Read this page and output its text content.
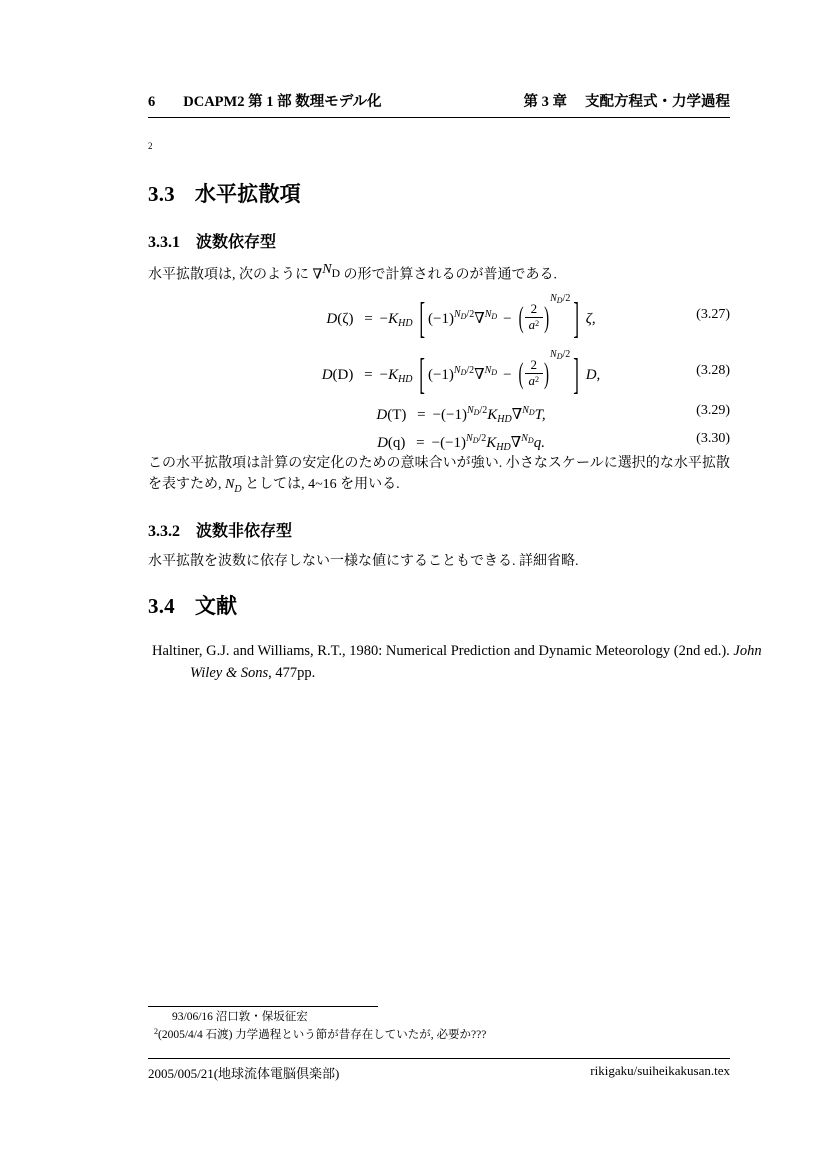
6 DCAPM2 第 1 部 数理モデル化	第 3 章 支配方程式・力学過程
2
3.3 水平拡散項
3.3.1 波数依存型
水平拡散項は, 次のように ∇$^{N_D}$ の形で計算されるのが普通である.
$D(\zeta) = -K_{HD}$ [ $(-1)^{N_D/2}\nabla^{N_D}$ − ( $\frac{2}{a^2} )^{N_D/2}$ ] ζ,	(3.27)
$D(D) = -K_{HD}$ [ $(-1)^{N_D/2}\nabla^{N_D}$ − ( $\frac{2}{a^2} )^{N_D/2}$ ] D,	(3.28)
$D(T) = -(-1)^{N_D/2}K_{HD}\nabla^{N_D}T$,	(3.29)
$D(q) = -(-1)^{N_D/2}K_{HD}\nabla^{N_D}q$.	(3.30)
この水平拡散項は計算の安定化のための意味合いが強い. 小さなスケールに選択的な水平拡散を表すため, $N_D$ としては, 4~16 を用いる.
3.3.2 波数非依存型
水平拡散を波数に依存しない一様な値にすることもできる. 詳細省略.
3.4 文献
Haltiner, G.J. and Williams, R.T., 1980: Numerical Prediction and Dynamic Meteorology (2nd ed.). John Wiley & Sons, 477pp.
93/06/16 沼口敦・保坂征宏
$^2$(2005/4/4 石渡) 力学過程という節が昔存在していたが, 必要か???
2005/005/21(地球流体電脳倶楽部)	rikigaku/suiheikakusan.tex
